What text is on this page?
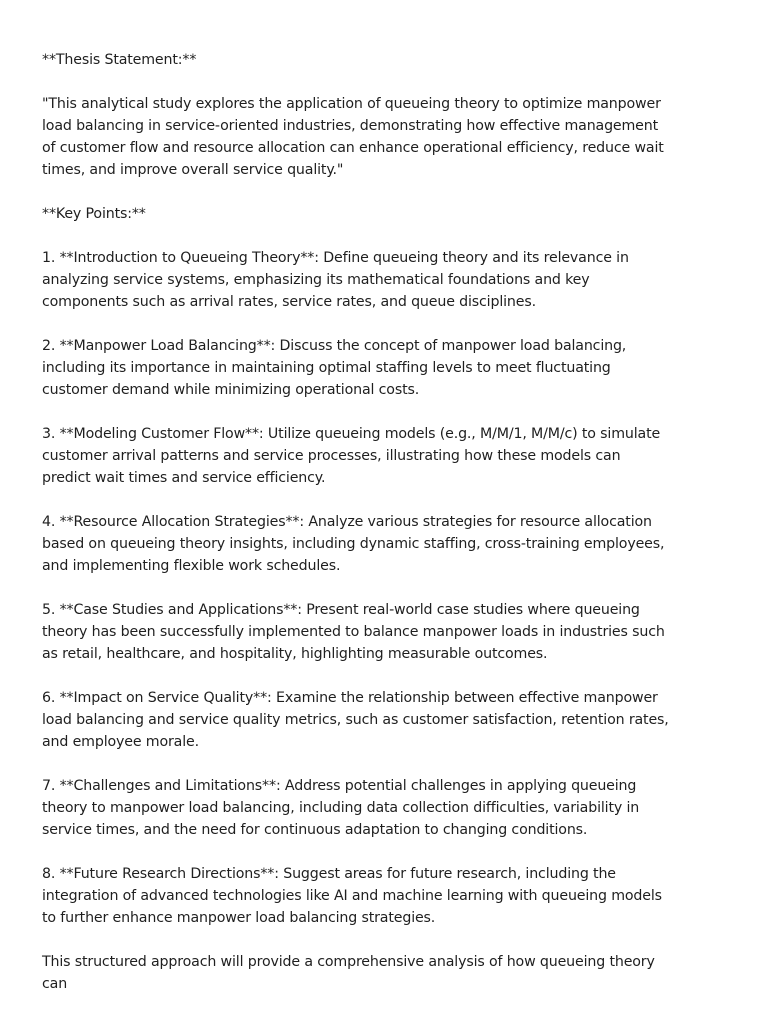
**Thesis Statement:**

"This analytical study explores the application of queueing theory to optimize manpower load balancing in service-oriented industries, demonstrating how effective management of customer flow and resource allocation can enhance operational efficiency, reduce wait times, and improve overall service quality."

**Key Points:**

1. **Introduction to Queueing Theory**: Define queueing theory and its relevance in analyzing service systems, emphasizing its mathematical foundations and key components such as arrival rates, service rates, and queue disciplines.

2. **Manpower Load Balancing**: Discuss the concept of manpower load balancing, including its importance in maintaining optimal staffing levels to meet fluctuating customer demand while minimizing operational costs.

3. **Modeling Customer Flow**: Utilize queueing models (e.g., M/M/1, M/M/c) to simulate customer arrival patterns and service processes, illustrating how these models can predict wait times and service efficiency.

4. **Resource Allocation Strategies**: Analyze various strategies for resource allocation based on queueing theory insights, including dynamic staffing, cross-training employees, and implementing flexible work schedules.

5. **Case Studies and Applications**: Present real-world case studies where queueing theory has been successfully implemented to balance manpower loads in industries such as retail, healthcare, and hospitality, highlighting measurable outcomes.

6. **Impact on Service Quality**: Examine the relationship between effective manpower load balancing and service quality metrics, such as customer satisfaction, retention rates, and employee morale.

7. **Challenges and Limitations**: Address potential challenges in applying queueing theory to manpower load balancing, including data collection difficulties, variability in service times, and the need for continuous adaptation to changing conditions.

8. **Future Research Directions**: Suggest areas for future research, including the integration of advanced technologies like AI and machine learning with queueing models to further enhance manpower load balancing strategies.

This structured approach will provide a comprehensive analysis of how queueing theory can
